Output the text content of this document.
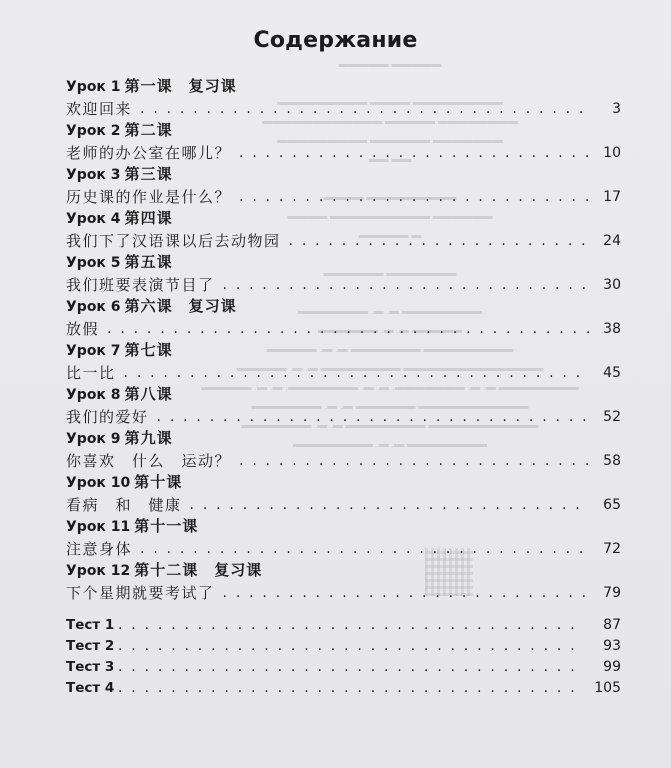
▬▬▬▬▬ ▬▬▬▬▬

▬▬▬▬▬▬▬▬▬ ▬▬▬▬ ▬▬▬▬▬▬▬▬▬
▬▬▬▬▬▬▬▬ ▬▬▬▬▬ ▬▬▬▬▬▬▬▬▬▬▬▬
▬▬▬▬▬▬▬ ▬▬▬▬▬▬ ▬▬▬▬▬▬▬▬▬
▬▬ ▬▬

▬▬▬▬▬▬▬▬▬ ▬▬▬▬
▬▬▬▬▬▬ ▬▬▬▬▬▬▬▬▬▬ ▬▬▬▬
▬ ▬▬▬▬▬

▬▬▬▬▬▬▬ ▬▬▬▬▬▬

▬▬▬▬▬▬▬▬ ▬. ▬. ▬▬▬▬▬▬▬
▬▬▬▬▬ ▬. ▬. ▬▬▬▬▬▬
▬▬▬▬▬▬▬▬▬ ▬▬▬▬▬▬▬ ▬. ▬. ▬▬▬▬▬
▬▬▬▬▬▬▬▬▬▬▬▬▬▬ ▬▬▬▬▬▬▬▬ ▬. ▬. ▬▬▬▬▬
▬▬▬▬▬▬▬▬ ▬. ▬. ▬▬▬▬▬▬▬, ▬. ▬. ▬▬▬▬▬▬▬, ▬. ▬. ▬▬▬▬▬
▬▬▬▬▬▬▬▬▬▬▬ ▬▬▬▬▬▬ ▬. ▬. ▬▬▬▬▬▬▬
▬▬▬▬▬▬▬▬▬▬▬ ▬▬▬▬▬▬▬▬ ▬. ▬. ▬▬▬▬▬▬▬
▬▬▬▬▬▬▬▬ ▬. ▬. ▬▬▬▬▬▬▬▬
Содержание
Урок 1 第一课　复习课
欢迎回来 . . .	3
Урок 2 第二课
老师的办公室在哪儿？ . . .	10
Урок 3 第三课
历史课的作业是什么？ . . .	17
Урок 4 第四课
我们下了汉语课以后去动物园 . . .	24
Урок 5 第五课
我们班要表演节目了 . . .	30
Урок 6 第六课　复习课
放假 . . .	38
Урок 7 第七课
比一比 . . .	45
Урок 8 第八课
我们的爱好 . . .	52
Урок 9 第九课
你喜欢　什么　运动？ . . .	58
Урок 10 第十课
看病　和　健康 . . .	65
Урок 11 第十一课
注意身体 . . .	72
Урок 12 第十二课　复习课
下个星期就要考试了 . . .	79
Тест 1 . . .	87
Тест 2 . . .	93
Тест 3 . . .	99
Тест 4 . . .	105
